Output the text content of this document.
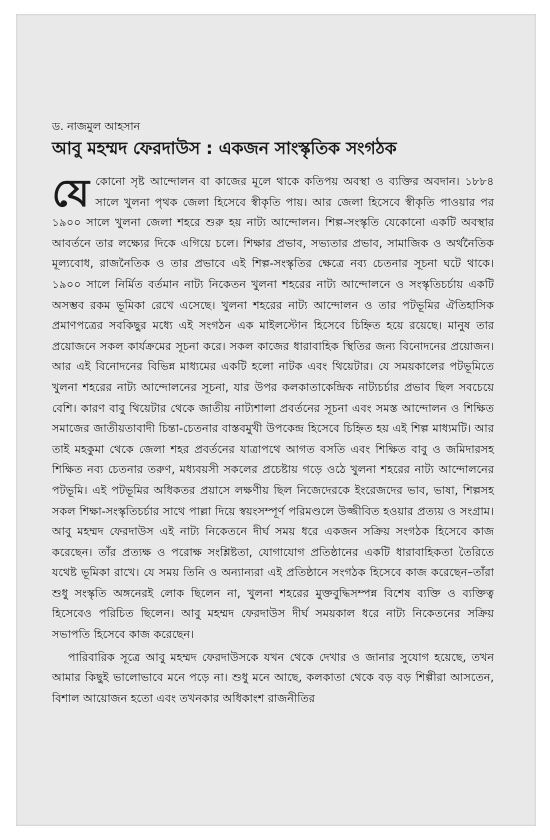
ড. নাজমুল আহসান

আবু মহম্মদ ফেরদাউস : একজন সাংস্কৃতিক সংগঠক

যে কোনো সৃষ্ট আন্দোলন বা কাজের মূলে থাকে কতিপয় অবস্থা ও ব্যক্তির অবদান। ১৮৮৪ সালে খুলনা পৃথক জেলা হিসেবে স্বীকৃতি পায়। আর জেলা হিসেবে স্বীকৃতি পাওয়ার পর ১৯০০ সালে খুলনা জেলা শহরে শুরু হয় নাট্য আন্দোলন। শিল্প-সংস্কৃতি যেকোনো একটি অবস্থার আবর্তনে তার লক্ষ্যের দিকে এগিয়ে চলে। শিক্ষার প্রভাব, সভ্যতার প্রভাব, সামাজিক ও অর্থনৈতিক মূল্যবোধ, রাজনৈতিক ও তার প্রভাবে এই শিল্প-সংস্কৃতির ক্ষেত্রে নব্য চেতনার সূচনা ঘটে থাকে। ১৯০০ সালে নির্মিত বর্তমান নাট্য নিকেতন খুলনা শহরের নাট্য আন্দোলনে ও সংস্কৃতিচর্চায় একটি অসম্ভব রকম ভূমিকা রেখে এসেছে। খুলনা শহরের নাট্য আন্দোলন ও তার পটভূমির ঐতিহাসিক প্রমাণপত্রের সবকিছুর মধ্যে এই সংগঠন এক মাইলস্টোন হিসেবে চিহ্নিত হয়ে রয়েছে। মানুষ তার প্রয়োজনে সকল কার্যক্রমের সূচনা করে। সকল কাজের ধারাবাহিক স্থিতির জন্য বিনোদনের প্রয়োজন। আর এই বিনোদনের বিভিন্ন মাধ্যমের একটি হলো নাটক এবং থিয়েটার। যে সময়কালের পটভূমিতে খুলনা শহরের নাট্য আন্দোলনের সূচনা, যার উপর কলকাতাকেন্দ্রিক নাট্যচর্চার প্রভাব ছিল সবচেয়ে বেশি। কারণ বাবু থিয়েটার থেকে জাতীয় নাট্যশালা প্রবর্তনের সূচনা এবং সমস্ত আন্দোলন ও শিক্ষিত সমাজের জাতীয়তাবাদী চিন্তা-চেতনার বাস্তবমুখী উপকেন্দ্র হিসেবে চিহ্নিত হয় এই শিল্প মাধ্যমটি। আর তাই মহকুমা থেকে জেলা শহর প্রবর্তনের যাত্রাপথে আগত বসতি এবং শিক্ষিত বাবু ও জমিদারসহ শিক্ষিত নব্য চেতনার তরুণ, মধ্যবয়সী সকলের প্রচেষ্টায় গড়ে ওঠে খুলনা শহরের নাট্য আন্দোলনের পটভূমি। এই পটভূমির অধিকতর প্রয়াসে লক্ষণীয় ছিল নিজেদেরকে ইংরেজদের ভাব, ভাষা, শিল্পসহ সকল শিক্ষা-সংস্কৃতিচর্চার সাথে পাল্লা দিয়ে স্বয়ংসম্পূর্ণ পরিমণ্ডলে উজ্জীবিত হওয়ার প্রত্যয় ও সংগ্রাম। আবু মহম্মদ ফেরদাউস এই নাট্য নিকেতনে দীর্ঘ সময় ধরে একজন সক্রিয় সংগঠক হিসেবে কাজ করেছেন। তাঁর প্রত্যক্ষ ও পরোক্ষ সংশ্লিষ্টতা, যোগাযোগ প্রতিষ্ঠানের একটি ধারাবাহিকতা তৈরিতে যথেষ্ট ভূমিকা রাখে। যে সময় তিনি ও অন্যান্যরা এই প্রতিষ্ঠানে সংগঠক হিসেবে কাজ করেছেন–তাঁরা শুধু সংস্কৃতি অঙ্গনেরই লোক ছিলেন না, খুলনা শহরের মুক্তবুদ্ধিসম্পন্ন বিশেষ ব্যক্তি ও ব্যক্তিত্ব হিসেবেও পরিচিত ছিলেন। আবু মহম্মদ ফেরদাউস দীর্ঘ সময়কাল ধরে নাট্য নিকেতনের সক্রিয় সভাপতি হিসেবে কাজ করেছেন।

পারিবারিক সূত্রে আবু মহম্মদ ফেরদাউসকে যখন থেকে দেখার ও জানার সুযোগ হয়েছে, তখন আমার কিছুই ভালোভাবে মনে পড়ে না। শুধু মনে আছে, কলকাতা থেকে বড় বড় শিল্পীরা আসতেন, বিশাল আয়োজন হতো এবং তখনকার অধিকাংশ রাজনীতির
